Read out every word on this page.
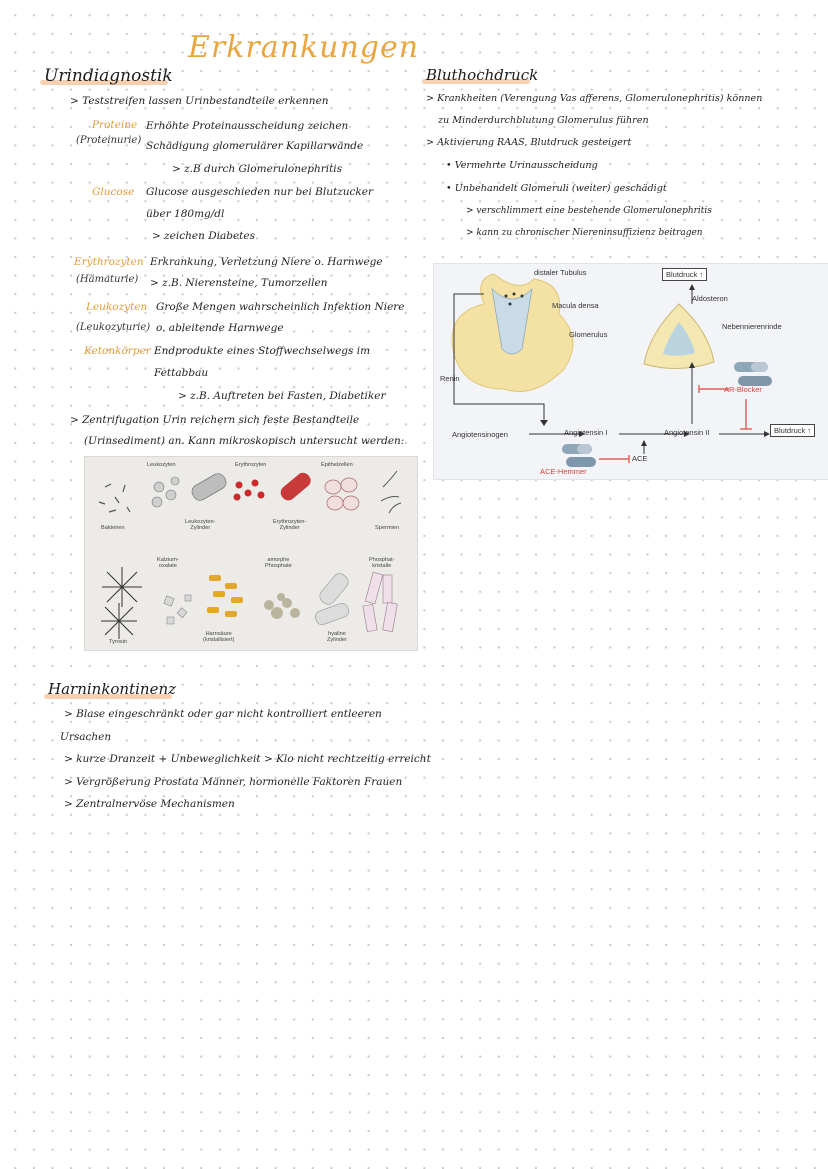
Erkrankungen
Urindiagnostik
> Teststreifen lassen Urinbestandteile erkennen
Proteine
(Proteinurie)
Erhöhte Proteinausscheidung zeichen
Schädigung glomerulärer Kapillarwände
> z.B durch Glomerulonephritis
Glucose Glucose ausgeschieden nur bei Blutzucker
über 180mg/dl
> zeichen Diabetes
Erythrozyten
(Hämaturie)
Erkrankung, Verletzung Niere o. Harnwege
> z.B. Nierensteine, Tumorzellen
Leukozyten
(Leukozyturie)
Große Mengen wahrscheinlich Infektion Niere
o. ableitende Harnwege
Ketonkörper Endprodukte eines Stoffwechselwegs im
Fettabbau
> z.B. Auftreten bei Fasten, Diabetiker
> Zentrifugation Urin reichern sich feste Bestandteile
(Urinsediment) an. Kann mikroskopisch untersucht werden:
Leukozyten	Erythrozyten	Epithelzellen
Bakterien
Leukozyten-
Zylinder
Erythrozyten-
Zylinder	Spermien
Kalzium-
oxalate
amorphe
Phosphate
Phosphat-
kristalle
Tyrosin
Harnsäure
(kristallisiert)
hyaline
Zylinder
Bluthochdruck
> Krankheiten (Verengung Vas afferens, Glomerulonephritis) können
zu Minderdurchblutung Glomerulus führen
> Aktivierung RAAS, Blutdruck gesteigert
• Vermehrte Urinausscheidung
• Unbehandelt Glomeruli (weiter) geschädigt
> verschlimmert eine bestehende Glomerulonephritis
> kann zu chronischer Niereninsuffizienz beitragen
distaler Tubulus
Macula densa
Glomerulus
Renin
Angiotensinogen	Angiotensin I	Angiotensin II
ACE
ACE-Hemmer
AR-Blocker
Aldosteron
Nebennierenrinde
Blutdruck ↑
Blutdruck ↑
Harninkontinenz
> Blase eingeschränkt oder gar nicht kontrolliert entleeren
Ursachen
> kurze Dranzeit + Unbeweglichkeit > Klo nicht rechtzeitig erreicht
> Vergrößerung Prostata Männer, hormonelle Faktoren Frauen
> Zentralnervöse Mechanismen
